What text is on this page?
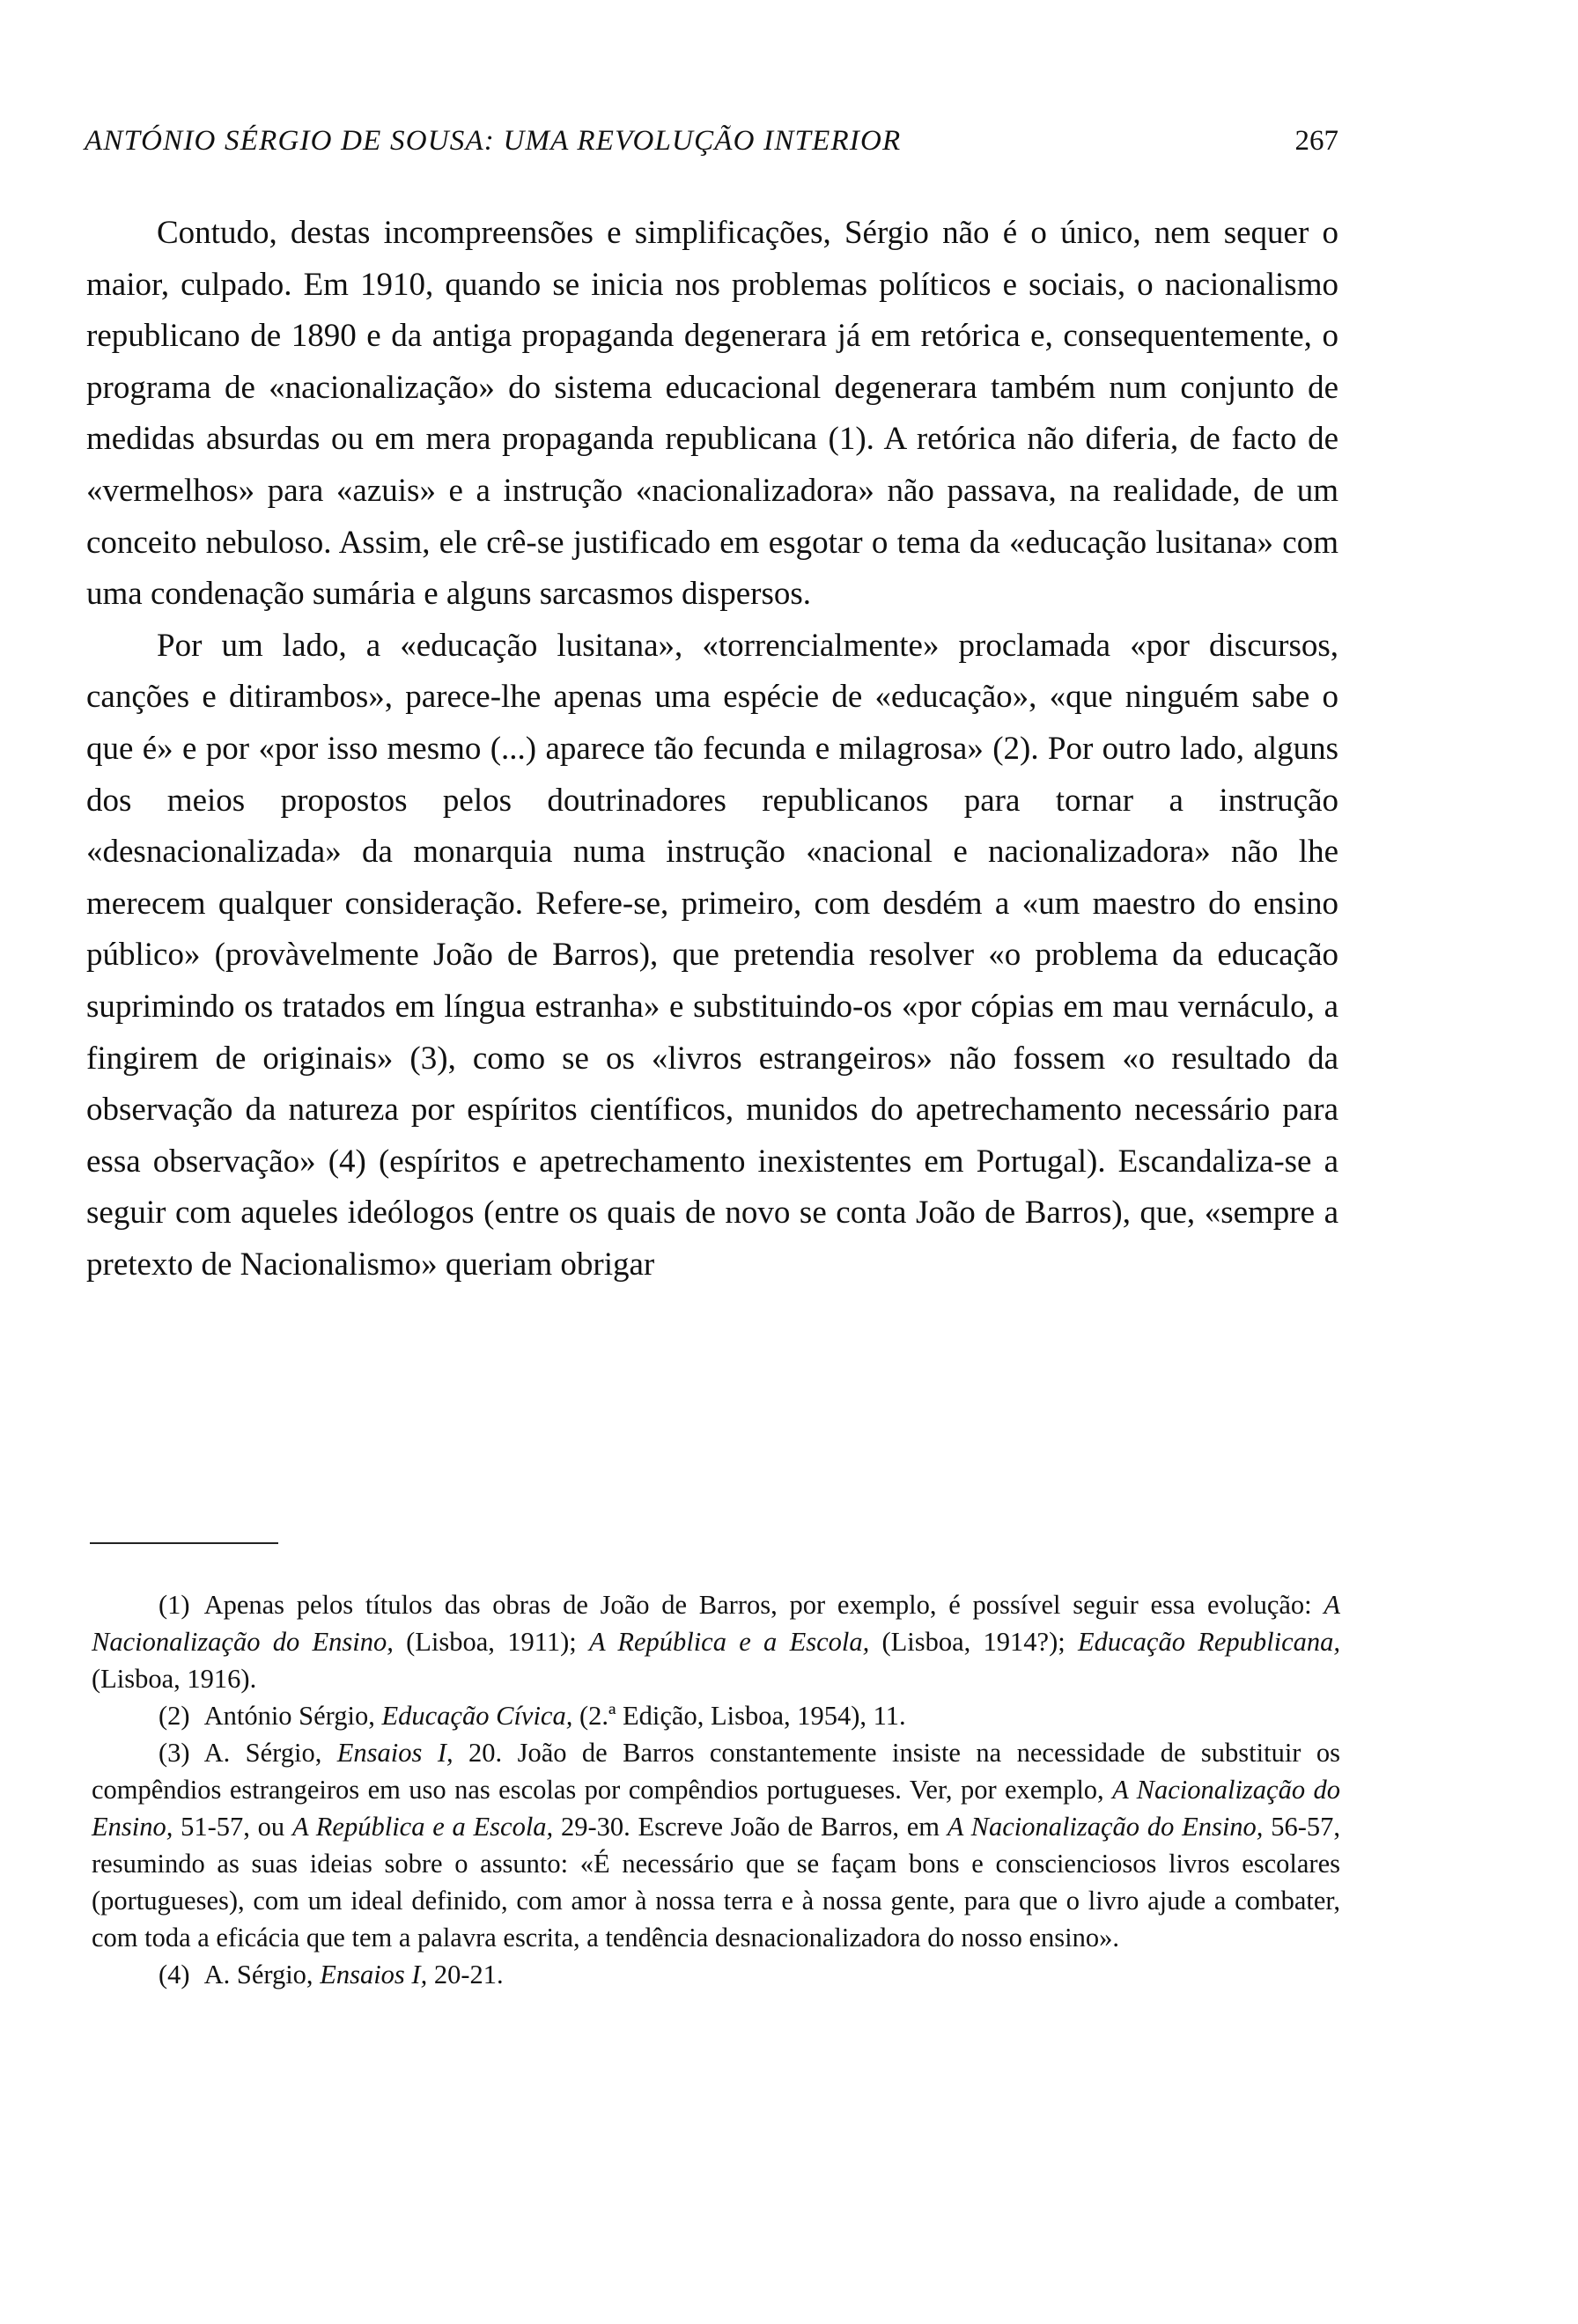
ANTÓNIO SÉRGIO DE SOUSA: UMA REVOLUÇÃO INTERIOR	267

Contudo, destas incompreensões e simplificações, Sérgio não é o único, nem sequer o maior, culpado. Em 1910, quando se inicia nos problemas políticos e sociais, o nacionalismo republicano de 1890 e da antiga propaganda degenerara já em retórica e, consequentemente, o programa de «nacionalização» do sistema educacional degenerara também num conjunto de medidas absurdas ou em mera propaganda republicana (1). A retórica não diferia, de facto de «vermelhos» para «azuis» e a instrução «nacionalizadora» não passava, na realidade, de um conceito nebuloso. Assim, ele crê-se justificado em esgotar o tema da «educação lusitana» com uma condenação sumária e alguns sarcasmos dispersos.

Por um lado, a «educação lusitana», «torrencialmente» proclamada «por discursos, canções e ditirambos», parece-lhe apenas uma espécie de «educação», «que ninguém sabe o que é» e por «por isso mesmo (...) aparece tão fecunda e milagrosa» (2). Por outro lado, alguns dos meios propostos pelos doutrinadores republicanos para tornar a instrução «desnacionalizada» da monarquia numa instrução «nacional e nacionalizadora» não lhe merecem qualquer consideração. Refere-se, primeiro, com desdém a «um maestro do ensino público» (provàvelmente João de Barros), que pretendia resolver «o problema da educação suprimindo os tratados em língua estranha» e substituindo-os «por cópias em mau vernáculo, a fingirem de originais» (3), como se os «livros estrangeiros» não fossem «o resultado da observação da natureza por espíritos científicos, munidos do apetrechamento necessário para essa observação» (4) (espíritos e apetrechamento inexistentes em Portugal). Escandaliza-se a seguir com aqueles ideólogos (entre os quais de novo se conta João de Barros), que, «sempre a pretexto de Nacionalismo» queriam obrigar

(1) Apenas pelos títulos das obras de João de Barros, por exemplo, é possível seguir essa evolução: A Nacionalização do Ensino, (Lisboa, 1911); A República e a Escola, (Lisboa, 1914?); Educação Republicana, (Lisboa, 1916).

(2) António Sérgio, Educação Cívica, (2.ª Edição, Lisboa, 1954), 11.

(3) A. Sérgio, Ensaios I, 20. João de Barros constantemente insiste na necessidade de substituir os compêndios estrangeiros em uso nas escolas por compêndios portugueses. Ver, por exemplo, A Nacionalização do Ensino, 51-57, ou A República e a Escola, 29-30. Escreve João de Barros, em A Nacionalização do Ensino, 56-57, resumindo as suas ideias sobre o assunto: «É necessário que se façam bons e conscienciosos livros escolares (portugueses), com um ideal definido, com amor à nossa terra e à nossa gente, para que o livro ajude a combater, com toda a eficácia que tem a palavra escrita, a tendência desnacionalizadora do nosso ensino».

(4) A. Sérgio, Ensaios I, 20-21.
